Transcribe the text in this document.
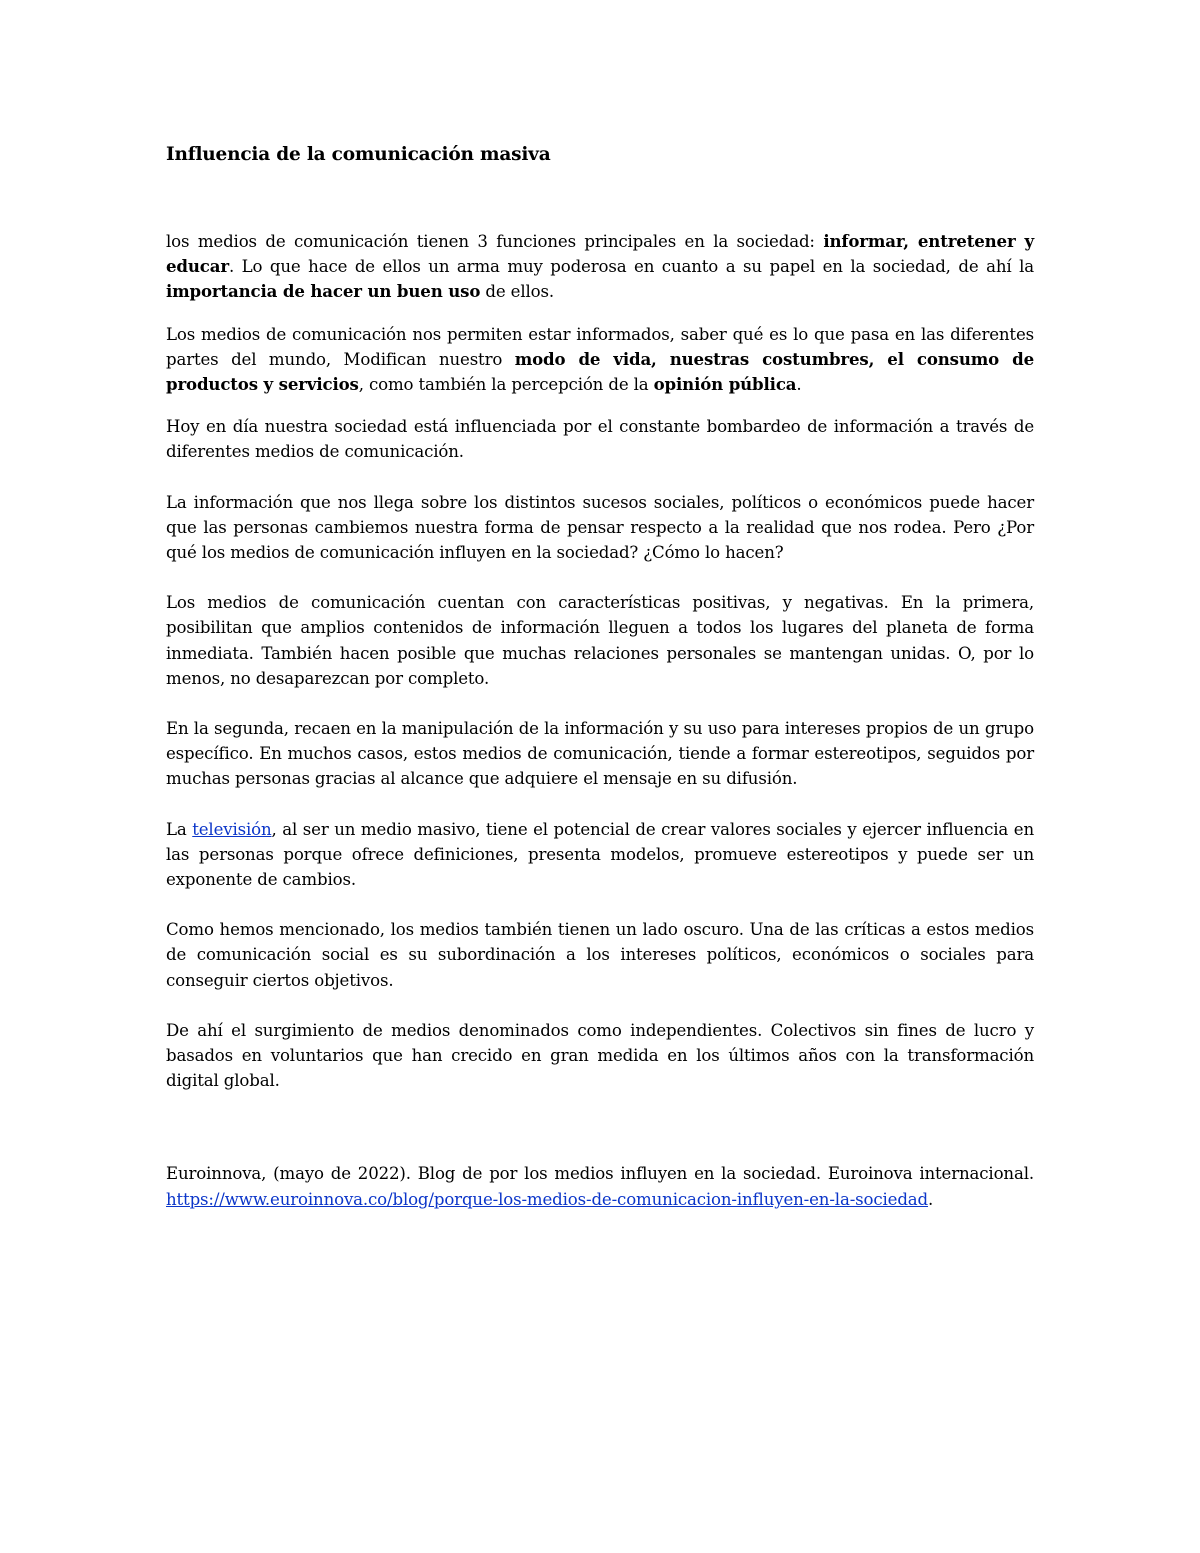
Influencia de la comunicación masiva

los medios de comunicación tienen 3 funciones principales en la sociedad: informar, entretener y educar. Lo que hace de ellos un arma muy poderosa en cuanto a su papel en la sociedad, de ahí la importancia de hacer un buen uso de ellos.

Los medios de comunicación nos permiten estar informados, saber qué es lo que pasa en las diferentes partes del mundo, Modifican nuestro modo de vida, nuestras costumbres, el consumo de productos y servicios, como también la percepción de la opinión pública.

Hoy en día nuestra sociedad está influenciada por el constante bombardeo de información a través de diferentes medios de comunicación.

La información que nos llega sobre los distintos sucesos sociales, políticos o económicos puede hacer que las personas cambiemos nuestra forma de pensar respecto a la realidad que nos rodea. Pero ¿Por qué los medios de comunicación influyen en la sociedad? ¿Cómo lo hacen?

Los medios de comunicación cuentan con características positivas, y negativas. En la primera, posibilitan que amplios contenidos de información lleguen a todos los lugares del planeta de forma inmediata. También hacen posible que muchas relaciones personales se mantengan unidas. O, por lo menos, no desaparezcan por completo.

En la segunda, recaen en la manipulación de la información y su uso para intereses propios de un grupo específico. En muchos casos, estos medios de comunicación, tiende a formar estereotipos, seguidos por muchas personas gracias al alcance que adquiere el mensaje en su difusión.

La televisión, al ser un medio masivo, tiene el potencial de crear valores sociales y ejercer influencia en las personas porque ofrece definiciones, presenta modelos, promueve estereotipos y puede ser un exponente de cambios.

Como hemos mencionado, los medios también tienen un lado oscuro. Una de las críticas a estos medios de comunicación social es su subordinación a los intereses políticos, económicos o sociales para conseguir ciertos objetivos.

De ahí el surgimiento de medios denominados como independientes. Colectivos sin fines de lucro y basados en voluntarios que han crecido en gran medida en los últimos años con la transformación digital global.

Euroinnova, (mayo de 2022). Blog de por los medios influyen en la sociedad. Euroinova internacional. https://www.euroinnova.co/blog/porque-los-medios-de-comunicacion-influyen-en-la-sociedad.
